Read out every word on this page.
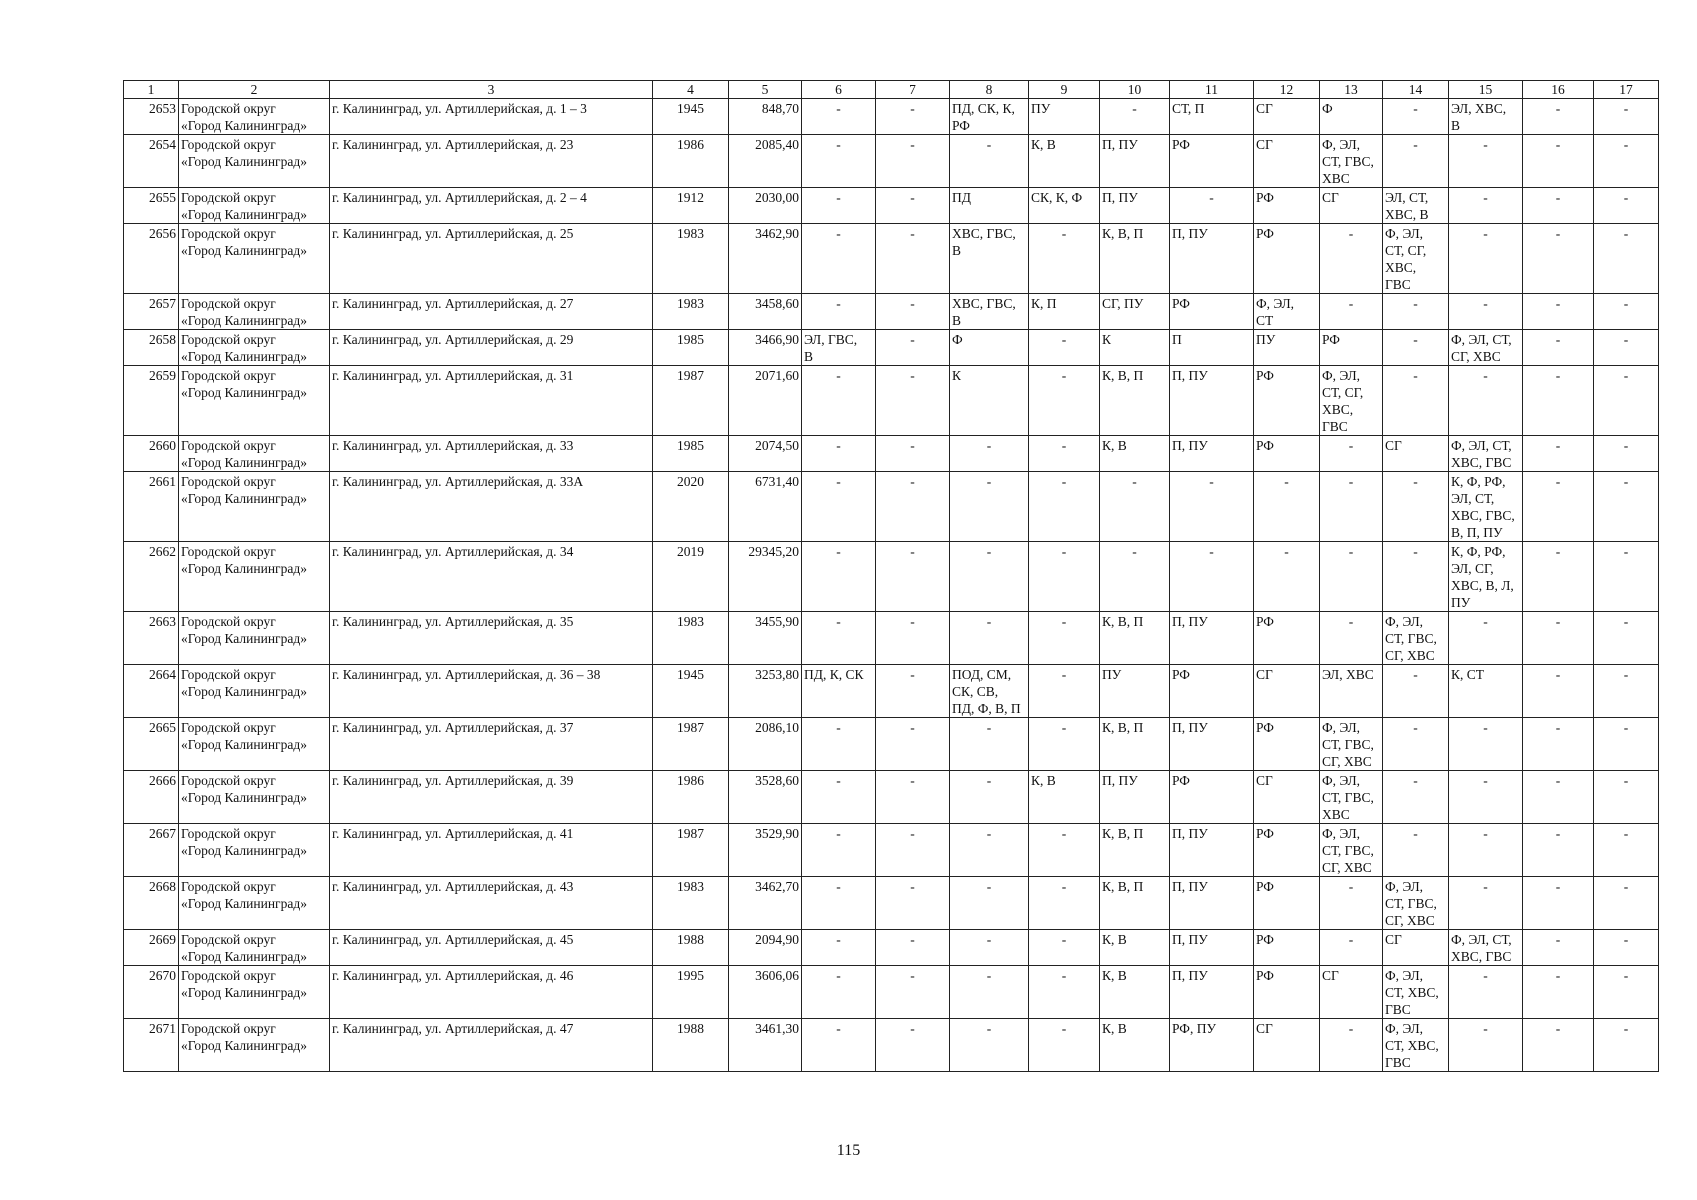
1	2	3	4	5	6	7	8	9	10	11	12	13	14	15	16	17
2653	Городской округ
«Город Калининград»	г. Калининград, ул. Артиллерийская, д. 1 – 3	1945	848,70	-	-	ПД, СК, К,
РФ	ПУ	-	СТ, П	СГ	Ф	-	ЭЛ, ХВС,
В	-	-
2654	Городской округ
«Город Калининград»	г. Калининград, ул. Артиллерийская, д. 23	1986	2085,40	-	-	-	К, В	П, ПУ	РФ	СГ	Ф, ЭЛ,
СТ, ГВС,
ХВС	-	-	-	-
2655	Городской округ
«Город Калининград»	г. Калининград, ул. Артиллерийская, д. 2 – 4	1912	2030,00	-	-	ПД	СК, К, Ф	П, ПУ	-	РФ	СГ	ЭЛ, СТ,
ХВС, В	-	-	-
2656	Городской округ
«Город Калининград»	г. Калининград, ул. Артиллерийская, д. 25	1983	3462,90	-	-	ХВС, ГВС,
В	-	К, В, П	П, ПУ	РФ	-	Ф, ЭЛ,
СТ, СГ,
ХВС,
ГВС	-	-	-
2657	Городской округ
«Город Калининград»	г. Калининград, ул. Артиллерийская, д. 27	1983	3458,60	-	-	ХВС, ГВС,
В	К, П	СГ, ПУ	РФ	Ф, ЭЛ,
СТ	-	-	-	-	-
2658	Городской округ
«Город Калининград»	г. Калининград, ул. Артиллерийская, д. 29	1985	3466,90	ЭЛ, ГВС,
В	-	Ф	-	К	П	ПУ	РФ	-	Ф, ЭЛ, СТ,
СГ, ХВС	-	-
2659	Городской округ
«Город Калининград»	г. Калининград, ул. Артиллерийская, д. 31	1987	2071,60	-	-	К	-	К, В, П	П, ПУ	РФ	Ф, ЭЛ,
СТ, СГ,
ХВС,
ГВС	-	-	-	-
2660	Городской округ
«Город Калининград»	г. Калининград, ул. Артиллерийская, д. 33	1985	2074,50	-	-	-	-	К, В	П, ПУ	РФ	-	СГ	Ф, ЭЛ, СТ,
ХВС, ГВС	-	-
2661	Городской округ
«Город Калининград»	г. Калининград, ул. Артиллерийская, д. 33А	2020	6731,40	-	-	-	-	-	-	-	-	-	К, Ф, РФ,
ЭЛ, СТ,
ХВС, ГВС,
В, П, ПУ	-	-
2662	Городской округ
«Город Калининград»	г. Калининград, ул. Артиллерийская, д. 34	2019	29345,20	-	-	-	-	-	-	-	-	-	К, Ф, РФ,
ЭЛ, СГ,
ХВС, В, Л,
ПУ	-	-
2663	Городской округ
«Город Калининград»	г. Калининград, ул. Артиллерийская, д. 35	1983	3455,90	-	-	-	-	К, В, П	П, ПУ	РФ	-	Ф, ЭЛ,
СТ, ГВС,
СГ, ХВС	-	-	-
2664	Городской округ
«Город Калининград»	г. Калининград, ул. Артиллерийская, д. 36 – 38	1945	3253,80	ПД, К, СК	-	ПОД, СМ,
СК, СВ,
ПД, Ф, В, П	-	ПУ	РФ	СГ	ЭЛ, ХВС	-	К, СТ	-	-
2665	Городской округ
«Город Калининград»	г. Калининград, ул. Артиллерийская, д. 37	1987	2086,10	-	-	-	-	К, В, П	П, ПУ	РФ	Ф, ЭЛ,
СТ, ГВС,
СГ, ХВС	-	-	-	-
2666	Городской округ
«Город Калининград»	г. Калининград, ул. Артиллерийская, д. 39	1986	3528,60	-	-	-	К, В	П, ПУ	РФ	СГ	Ф, ЭЛ,
СТ, ГВС,
ХВС	-	-	-	-
2667	Городской округ
«Город Калининград»	г. Калининград, ул. Артиллерийская, д. 41	1987	3529,90	-	-	-	-	К, В, П	П, ПУ	РФ	Ф, ЭЛ,
СТ, ГВС,
СГ, ХВС	-	-	-	-
2668	Городской округ
«Город Калининград»	г. Калининград, ул. Артиллерийская, д. 43	1983	3462,70	-	-	-	-	К, В, П	П, ПУ	РФ	-	Ф, ЭЛ,
СТ, ГВС,
СГ, ХВС	-	-	-
2669	Городской округ
«Город Калининград»	г. Калининград, ул. Артиллерийская, д. 45	1988	2094,90	-	-	-	-	К, В	П, ПУ	РФ	-	СГ	Ф, ЭЛ, СТ,
ХВС, ГВС	-	-
2670	Городской округ
«Город Калининград»	г. Калининград, ул. Артиллерийская, д. 46	1995	3606,06	-	-	-	-	К, В	П, ПУ	РФ	СГ	Ф, ЭЛ,
СТ, ХВС,
ГВС	-	-	-
2671	Городской округ
«Город Калининград»	г. Калининград, ул. Артиллерийская, д. 47	1988	3461,30	-	-	-	-	К, В	РФ, ПУ	СГ	-	Ф, ЭЛ,
СТ, ХВС,
ГВС	-	-	-
115
